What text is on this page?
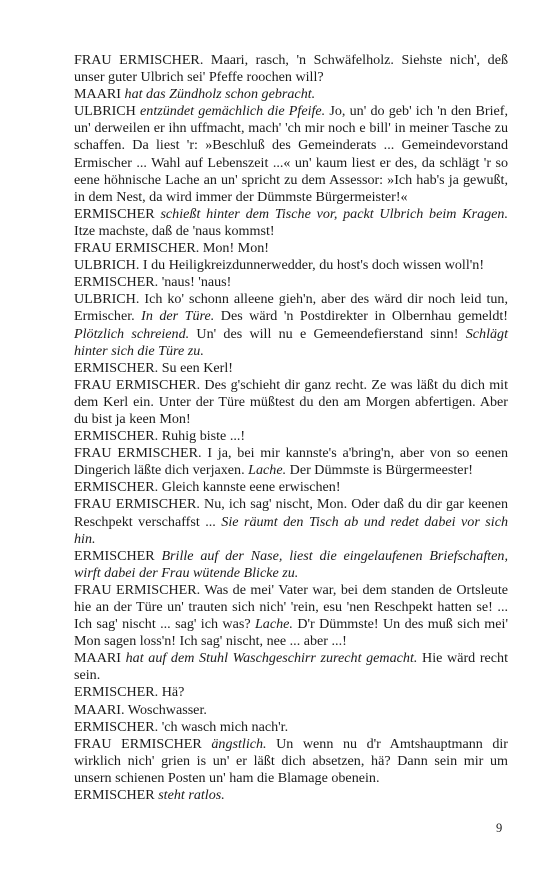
FRAU ERMISCHER. Maari, rasch, 'n Schwäfelholz. Siehste nich', deß unser guter Ulbrich sei' Pfeffe roochen will?

MAARI hat das Zündholz schon gebracht.

ULBRICH entzündet gemächlich die Pfeife. Jo, un' do geb' ich 'n den Brief, un' derweilen er ihn uffmacht, mach' 'ch mir noch e bill' in meiner Tasche zu schaffen. Da liest 'r: »Beschluß des Gemeinderats ... Gemeindevorstand Ermischer ... Wahl auf Lebenszeit ...« un' kaum liest er des, da schlägt 'r so eene höhnische Lache an un' spricht zu dem Assessor: »Ich hab's ja gewußt, in dem Nest, da wird immer der Dümmste Bürgermeister!«

ERMISCHER schießt hinter dem Tische vor, packt Ulbrich beim Kragen. Itze machste, daß de 'naus kommst!

FRAU ERMISCHER. Mon! Mon!

ULBRICH. I du Heiligkreizdunnerwedder, du host's doch wissen woll'n!

ERMISCHER. 'naus! 'naus!

ULBRICH. Ich ko' schonn alleene gieh'n, aber des wärd dir noch leid tun, Ermischer. In der Türe. Des wärd 'n Postdirekter in Olbernhau gemeldt! Plötzlich schreiend. Un' des will nu e Gemeendefierstand sinn! Schlägt hinter sich die Türe zu.

ERMISCHER. Su een Kerl!

FRAU ERMISCHER. Des g'schieht dir ganz recht. Ze was läßt du dich mit dem Kerl ein. Unter der Türe müßtest du den am Morgen abfertigen. Aber du bist ja keen Mon!

ERMISCHER. Ruhig biste ...!

FRAU ERMISCHER. I ja, bei mir kannste's a'bring'n, aber von so eenen Dingerich läßte dich verjaxen. Lache. Der Dümmste is Bürgermeester!

ERMISCHER. Gleich kannste eene erwischen!

FRAU ERMISCHER. Nu, ich sag' nischt, Mon. Oder daß du dir gar keenen Reschpekt verschaffst ... Sie räumt den Tisch ab und redet dabei vor sich hin.

ERMISCHER Brille auf der Nase, liest die eingelaufenen Briefschaften, wirft dabei der Frau wütende Blicke zu.

FRAU ERMISCHER. Was de mei' Vater war, bei dem standen de Ortsleute hie an der Türe un' trauten sich nich' 'rein, esu 'nen Reschpekt hatten se! ... Ich sag' nischt ... sag' ich was? Lache. D'r Dümmste! Un des muß sich mei' Mon sagen loss'n! Ich sag' nischt, nee ... aber ...!

MAARI hat auf dem Stuhl Waschgeschirr zurecht gemacht. Hie wärd recht sein.

ERMISCHER. Hä?

MAARI. Woschwasser.

ERMISCHER. 'ch wasch mich nach'r.

FRAU ERMISCHER ängstlich. Un wenn nu d'r Amtshauptmann dir wirklich nich' grien is un' er läßt dich absetzen, hä? Dann sein mir um unsern schienen Posten un' ham die Blamage obenein.

ERMISCHER steht ratlos.

9
